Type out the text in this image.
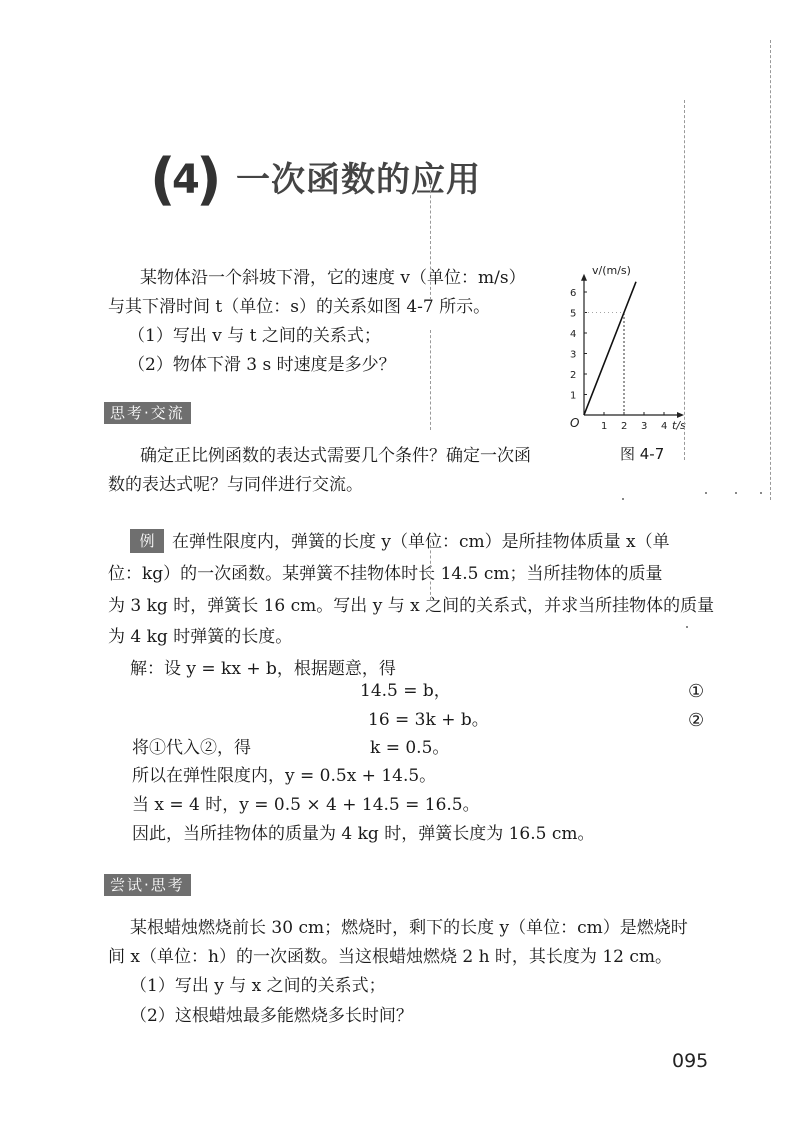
(
4
) 一次函数的应用
某物体沿一个斜坡下滑，它的速度 v（单位：m/s）
与其下滑时间 t（单位：s）的关系如图 4-7 所示。
（1）写出 v 与 t 之间的关系式；
（2）物体下滑 3 s 时速度是多少？
v/(m/s)
t/s
O 1 2 3 4
1
2
3
4
5
6
图 4-7
思考·交流
确定正比例函数的表达式需要几个条件？确定一次函
数的表达式呢？与同伴进行交流。
例	在弹性限度内，弹簧的长度 y（单位：cm）是所挂物体质量 x（单
位：kg）的一次函数。某弹簧不挂物体时长 14.5 cm；当所挂物体的质量
为 3 kg 时，弹簧长 16 cm。写出 y 与 x 之间的关系式，并求当所挂物体的质量
为 4 kg 时弹簧的长度。
解：设 y = kx + b，根据题意，得
14.5 = b，	①
16 = 3k + b。	②
将①代入②，得	k = 0.5。
所以在弹性限度内，y = 0.5x + 14.5。
当 x = 4 时，y = 0.5 × 4 + 14.5 = 16.5。
因此，当所挂物体的质量为 4 kg 时，弹簧长度为 16.5 cm。
尝试·思考
某根蜡烛燃烧前长 30 cm；燃烧时，剩下的长度 y（单位：cm）是燃烧时
间 x（单位：h）的一次函数。当这根蜡烛燃烧 2 h 时，其长度为 12 cm。
（1）写出 y 与 x 之间的关系式；
（2）这根蜡烛最多能燃烧多长时间？
095
